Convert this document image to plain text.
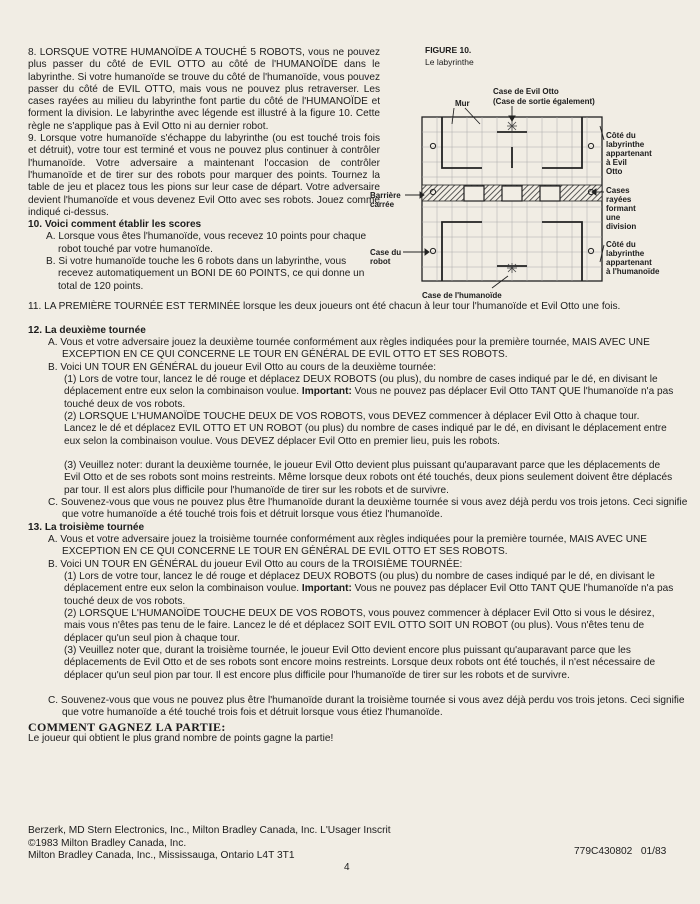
8. LORSQUE VOTRE HUMANOÏDE A TOUCHÉ 5 ROBOTS, vous ne pouvez plus passer du côté de EVIL OTTO au côté de l'HUMANOÏDE dans le labyrinthe. Si votre humanoïde se trouve du côté de l'humanoïde, vous pouvez passer du côté de EVIL OTTO, mais vous ne pouvez plus retraverser. Les cases rayées au milieu du labyrinthe font partie du côté de l'HUMANOÏDE et forment la division. Le labyrinthe avec légende est illustré à la figure 10. Cette règle ne s'applique pas à Evil Otto ni au dernier robot.
9. Lorsque votre humanoïde s'échappe du labyrinthe (ou est touché trois fois et détruit), votre tour est terminé et vous ne pouvez plus continuer à contrôler l'humanoïde. Votre adversaire a maintenant l'occasion de contrôler l'humanoïde et de tirer sur des robots pour marquer des points. Tournez la table de jeu et placez tous les pions sur leur case de départ. Votre adversaire devient l'humanoïde et vous devenez Evil Otto avec ses robots. Jouez comme indiqué ci-dessus.
10. Voici comment établir les scores
A. Lorsque vous êtes l'humanoïde, vous recevez 10 points pour chaque robot touché par votre humanoïde.
B. Si votre humanoïde touche les 6 robots dans un labyrinthe, vous recevez automatiquement un BONI DE 60 POINTS, ce qui donne un total de 120 points.
11. LA PREMIÈRE TOURNÉE EST TERMINÉE lorsque les deux joueurs ont été chacun à leur tour l'humanoïde et Evil Otto une fois.
12. La deuxième tournée
A. Vous et votre adversaire jouez la deuxième tournée conformément aux règles indiquées pour la première tournée, MAIS AVEC UNE EXCEPTION EN CE QUI CONCERNE LE TOUR EN GÉNÉRAL DE EVIL OTTO ET SES ROBOTS.
B. Voici UN TOUR EN GÉNÉRAL du joueur Evil Otto au cours de la deuxième tournée:
(1) Lors de votre tour, lancez le dé rouge et déplacez DEUX ROBOTS (ou plus), du nombre de cases indiqué par le dé, en divisant le déplacement entre eux selon la combinaison voulue. Important: Vous ne pouvez pas déplacer Evil Otto TANT QUE l'humanoïde n'a pas touché deux de vos robots.
(2) LORSQUE L'HUMANOÏDE TOUCHE DEUX DE VOS ROBOTS, vous DEVEZ commencer à déplacer Evil Otto à chaque tour. Lancez le dé et déplacez EVIL OTTO ET UN ROBOT (ou plus) du nombre de cases indiqué par le dé, en divisant le déplacement entre eux selon la combinaison voulue. Vous DEVEZ déplacer Evil Otto en premier lieu, puis les robots.
(3) Veuillez noter: durant la deuxième tournée, le joueur Evil Otto devient plus puissant qu'auparavant parce que les déplacements de Evil Otto et de ses robots sont moins restreints. Même lorsque deux robots ont été touchés, deux pions seulement doivent être déplacés par tour. Il est alors plus difficile pour l'humanoïde de tirer sur les robots et de survivre.
C. Souvenez-vous que vous ne pouvez plus être l'humanoïde durant la deuxième tournée si vous avez déjà perdu vos trois jetons. Ceci signifie que votre humanoïde a été touché trois fois et détruit lorsque vous étiez l'humanoïde.
13. La troisième tournée
A. Vous et votre adversaire jouez la troisième tournée conformément aux règles indiquées pour la première tournée, MAIS AVEC UNE EXCEPTION EN CE QUI CONCERNE LE TOUR EN GÉNÉRAL DE EVIL OTTO ET SES ROBOTS.
B. Voici UN TOUR EN GÉNÉRAL du joueur Evil Otto au cours de la TROISIÈME TOURNÉE:
(1) Lors de votre tour, lancez le dé rouge et déplacez DEUX ROBOTS (ou plus) du nombre de cases indiqué par le dé, en divisant le déplacement entre eux selon la combinaison voulue. Important: Vous ne pouvez pas déplacer Evil Otto TANT QUE l'humanoïde n'a pas touché deux de vos robots.
(2) LORSQUE L'HUMANOÏDE TOUCHE DEUX DE VOS ROBOTS, vous pouvez commencer à déplacer Evil Otto si vous le désirez, mais vous n'êtes pas tenu de le faire. Lancez le dé et déplacez SOIT EVIL OTTO SOIT UN ROBOT (ou plus). Vous n'êtes tenu de déplacer qu'un seul pion à chaque tour.
(3) Veuillez noter que, durant la troisième tournée, le joueur Evil Otto devient encore plus puissant qu'auparavant parce que les déplacements de Evil Otto et de ses robots sont encore moins restreints. Lorsque deux robots ont été touchés, il n'est nécessaire de déplacer qu'un seul pion par tour. Il est encore plus difficile pour l'humanoïde de tirer sur les robots et de survivre.
C. Souvenez-vous que vous ne pouvez plus être l'humanoïde durant la troisième tournée si vous avez déjà perdu vos trois jetons. Ceci signifie que votre humanoïde a été touché trois fois et détruit lorsque vous étiez l'humanoïde.
COMMENT GAGNEZ LA PARTIE:
Le joueur qui obtient le plus grand nombre de points gagne la partie!
FIGURE 10.
Le labyrinthe
Mur
Case de Evil Otto
(Case de sortie également)
Côté du
labyrinthe
appartenant
à Evil
Otto
Cases
rayées
formant
une
division
Barrière
carrée
Case du
robot
Côté du
labyrinthe
appartenant
à l'humanoïde
Case de l'humanoïde
Berzerk, MD Stern Electronics, Inc., Milton Bradley Canada, Inc. L'Usager Inscrit
©1983 Milton Bradley Canada, Inc.
Milton Bradley Canada, Inc., Mississauga, Ontario L4T 3T1	779C430802   01/83
4
